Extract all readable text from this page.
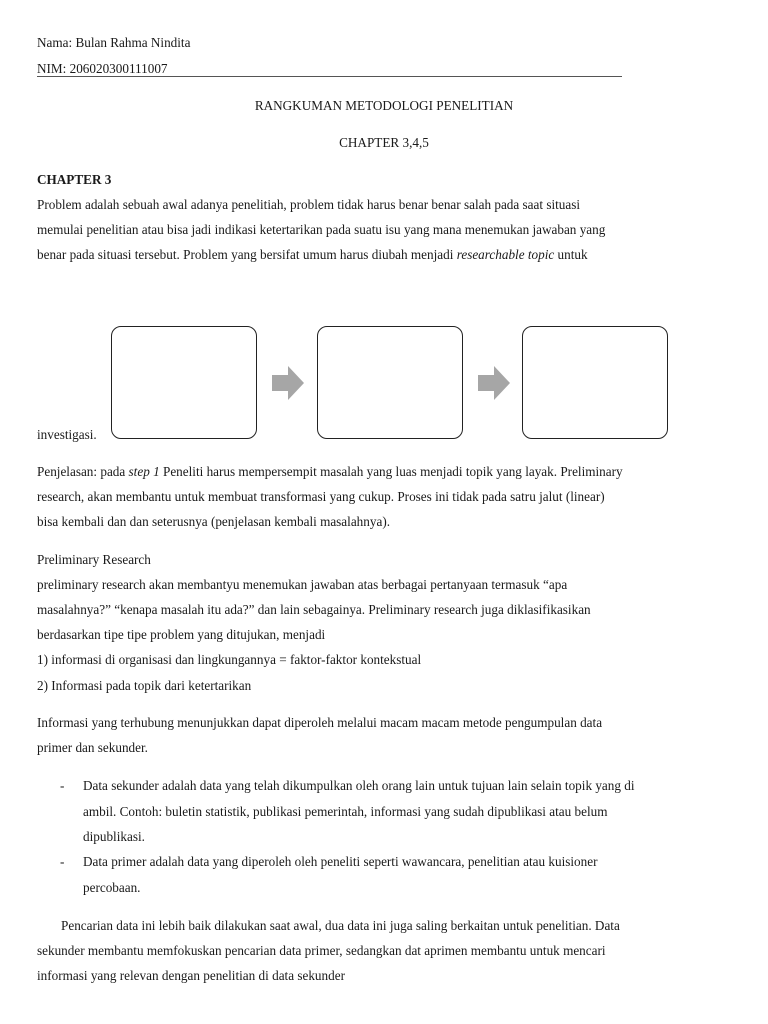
Nama: Bulan Rahma Nindita
NIM: 206020300111007
RANGKUMAN METODOLOGI PENELITIAN
CHAPTER 3,4,5
CHAPTER 3
Problem adalah sebuah awal adanya penelitiah, problem tidak harus benar benar salah pada saat situasi
memulai penelitian atau bisa jadi indikasi ketertarikan pada suatu isu yang mana menemukan jawaban yang
benar pada situasi tersebut. Problem yang bersifat umum harus diubah menjadi researchable topic untuk
investigasi.
Penjelasan: pada step 1 Peneliti harus mempersempit masalah yang luas menjadi topik yang layak. Preliminary
research, akan membantu untuk membuat transformasi yang cukup. Proses ini tidak pada satru jalut (linear)
bisa kembali dan dan seterusnya (penjelasan kembali masalahnya).
Preliminary Research
preliminary research akan membantyu menemukan jawaban atas berbagai pertanyaan termasuk “apa
masalahnya?” “kenapa masalah itu ada?” dan lain sebagainya. Preliminary research juga diklasifikasikan
berdasarkan tipe tipe problem yang ditujukan, menjadi
1) informasi di organisasi dan lingkungannya = faktor-faktor kontekstual
2) Informasi pada topik dari ketertarikan
Informasi yang terhubung menunjukkan dapat diperoleh melalui macam macam metode pengumpulan data
primer dan sekunder.
- Data sekunder adalah data yang telah dikumpulkan oleh orang lain untuk tujuan lain selain topik yang di
ambil. Contoh: buletin statistik, publikasi pemerintah, informasi yang sudah dipublikasi atau belum
dipublikasi.
- Data primer adalah data yang diperoleh oleh peneliti seperti wawancara, penelitian atau kuisioner
percobaan.
Pencarian data ini lebih baik dilakukan saat awal, dua data ini juga saling berkaitan untuk penelitian. Data
sekunder membantu memfokuskan pencarian data primer, sedangkan dat aprimen membantu untuk mencari
informasi yang relevan dengan penelitian di data sekunder
